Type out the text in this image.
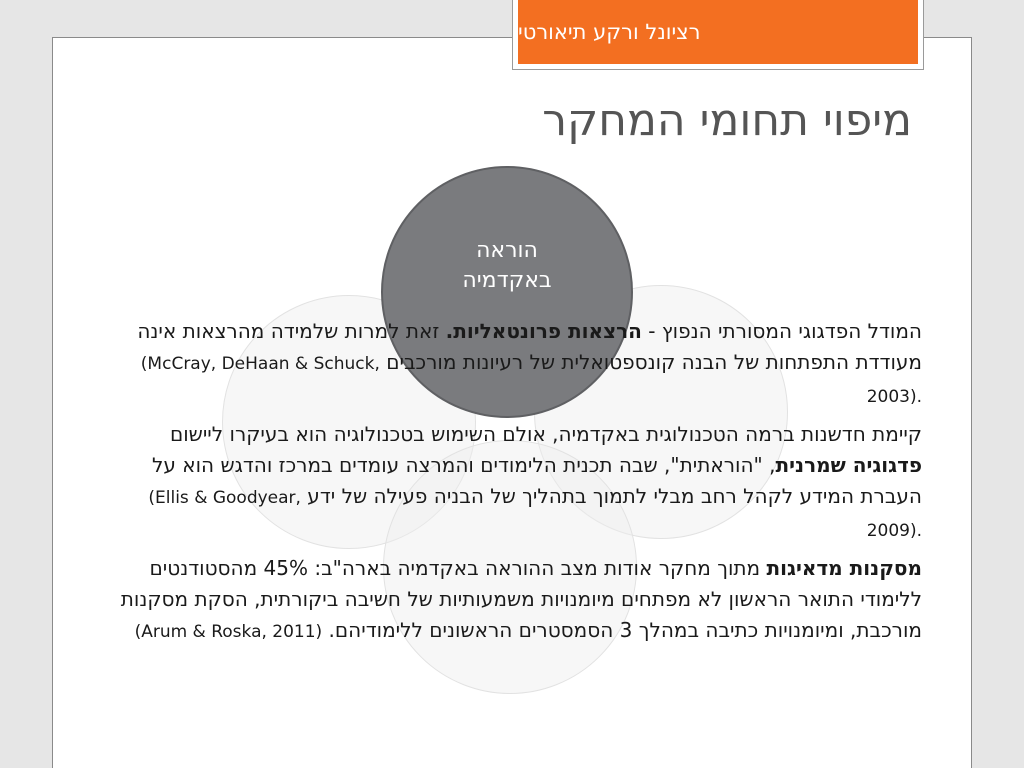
רציונל ורקע תיאורטי
מיפוי תחומי המחקר
הוראה
באקדמיה

המודל הפדגוגי המסורתי הנפוץ - הרצאות פרונטאליות. זאת למרות שלמידה מהרצאות אינה מעודדת התפתחות של הבנה קונספטואלית של רעיונות מורכבים (McCray, DeHaan & Schuck, 2003).

קיימת חדשנות ברמה הטכנולוגית באקדמיה, אולם השימוש בטכנולוגיה הוא בעיקרו ליישום פדגוגיה שמרנית, "הוראתית", שבה תכנית הלימודים והמרצה עומדים במרכז והדגש הוא על העברת המידע לקהל רחב מבלי לתמוך בתהליך של הבניה פעילה של ידע (Ellis & Goodyear, 2009).

מסקנות מדאיגות מתוך מחקר אודות מצב ההוראה באקדמיה בארה"ב: 45% מהסטודנטים ללימודי התואר הראשון לא מפתחים מיומנויות משמעותיות של חשיבה ביקורתית, הסקת מסקנות מורכבת, ומיומנויות כתיבה במהלך 3 הסמסטרים הראשונים ללימודיהם. (Arum & Roska, 2011)
